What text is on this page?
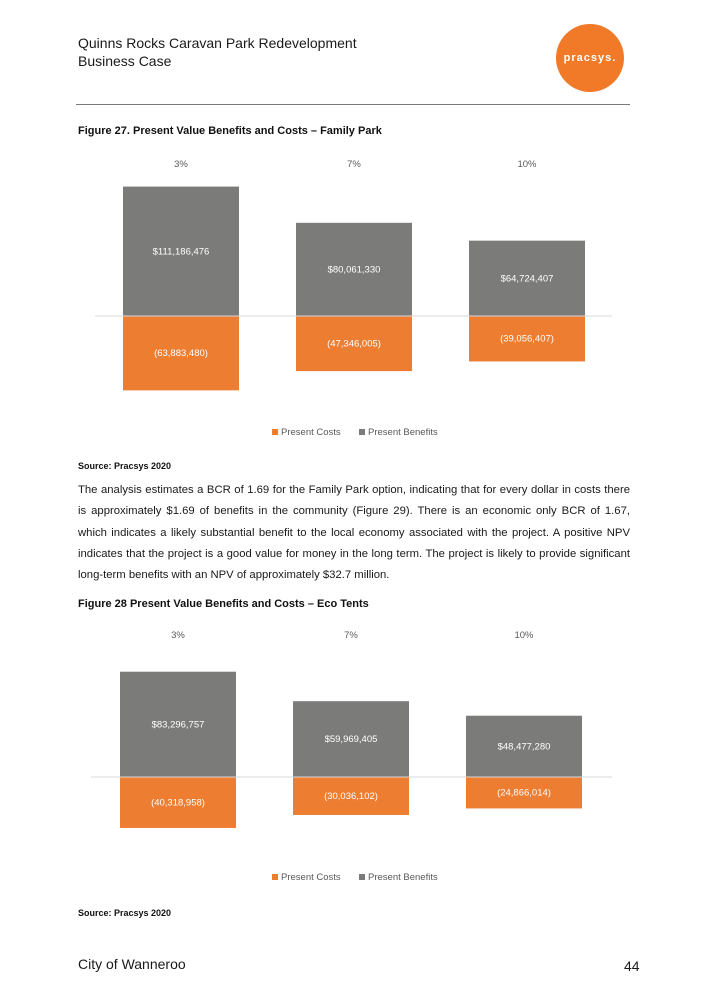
Quinns Rocks Caravan Park Redevelopment
Business Case	pracsys.
Figure 27. Present Value Benefits and Costs – Family Park
3%	7%	10%
$111,186,476
(63,883,480)
$80,061,330
(47,346,005)
$64,724,407
(39,056,407)
Present Costs	Present Benefits
Source: Pracsys 2020
The analysis estimates a BCR of 1.69 for the Family Park option, indicating that for every dollar in costs there is approximately $1.69 of benefits in the community (Figure 29). There is an economic only BCR of 1.67, which indicates a likely substantial benefit to the local economy associated with the project. A positive NPV indicates that the project is a good value for money in the long term. The project is likely to provide significant long-term benefits with an NPV of approximately $32.7 million.
Figure 28 Present Value Benefits and Costs – Eco Tents
3%	7%	10%
$83,296,757
(40,318,958)
$59,969,405
(30,036,102)
$48,477,280
(24,866,014)
Present Costs	Present Benefits
Source: Pracsys 2020
City of Wanneroo	44
